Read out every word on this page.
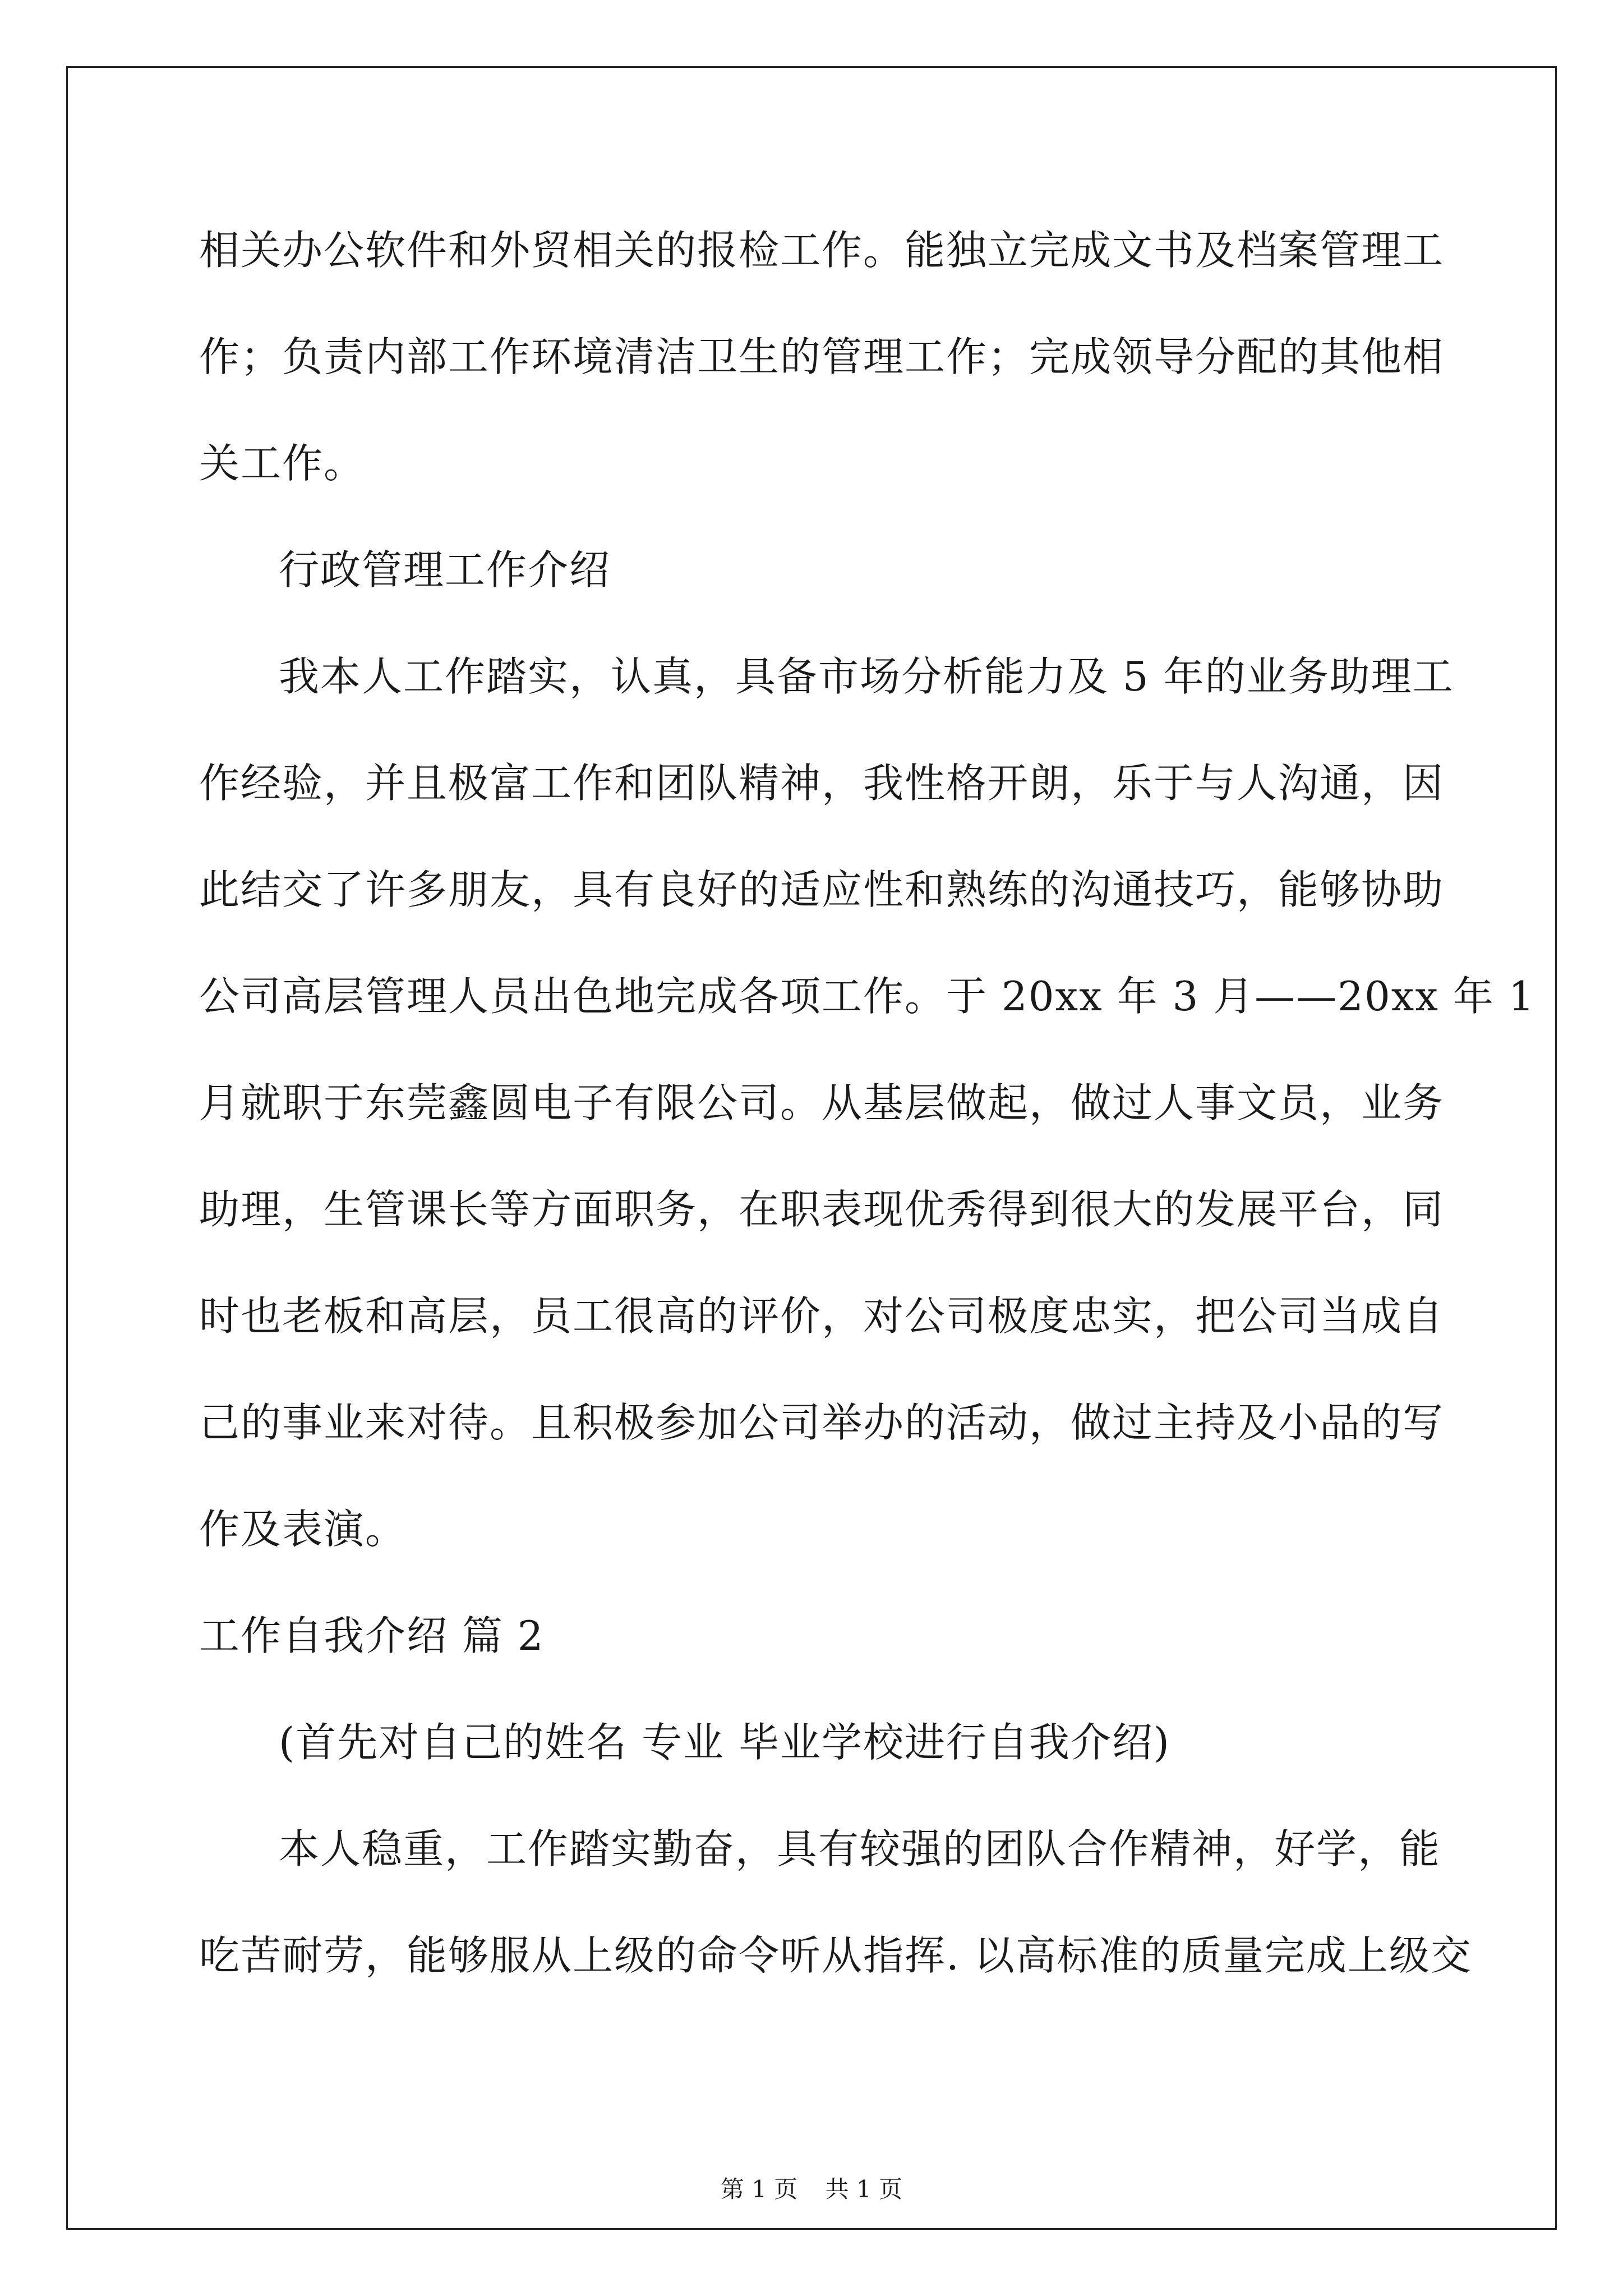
相关办公软件和外贸相关的报检工作。能独立完成文书及档案管理工
作；负责内部工作环境清洁卫生的管理工作；完成领导分配的其他相
关工作。
行政管理工作介绍
我本人工作踏实，认真，具备市场分析能力及 5 年的业务助理工
作经验，并且极富工作和团队精神，我性格开朗，乐于与人沟通，因
此结交了许多朋友，具有良好的适应性和熟练的沟通技巧，能够协助
公司高层管理人员出色地完成各项工作。于 20xx 年 3 月——20xx 年 1
月就职于东莞鑫圆电子有限公司。从基层做起，做过人事文员，业务
助理，生管课长等方面职务，在职表现优秀得到很大的发展平台，同
时也老板和高层，员工很高的评价，对公司极度忠实，把公司当成自
己的事业来对待。且积极参加公司举办的活动，做过主持及小品的写
作及表演。
工作自我介绍 篇 2
(首先对自己的姓名 专业 毕业学校进行自我介绍)
本人稳重，工作踏实勤奋，具有较强的团队合作精神，好学，能
吃苦耐劳，能够服从上级的命令听从指挥. 以高标准的质量完成上级交
第 1 页 共 1 页
